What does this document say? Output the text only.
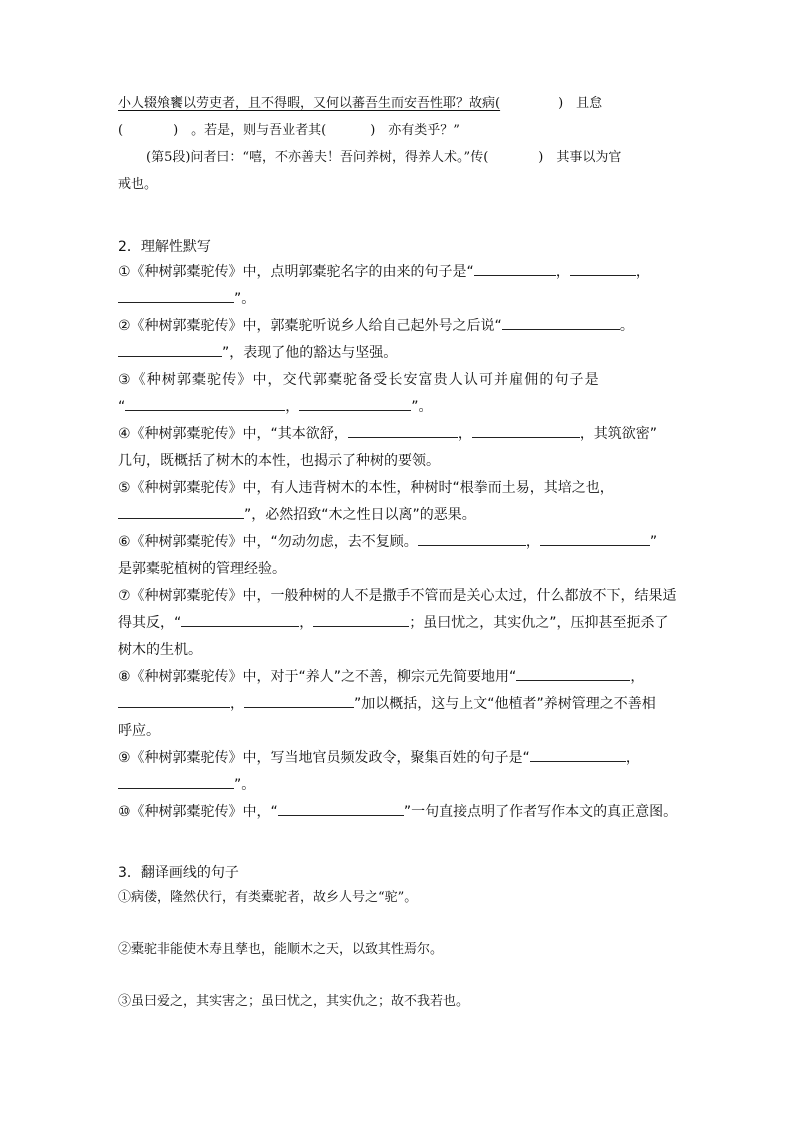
小人辍飧饔以劳吏者，且不得暇，又何以蕃吾生而安吾性耶？故病(	)　且怠

(	)　。若是，则与吾业者其(	)　亦有类乎？”

(第5段)问者曰：“嘻，不亦善夫！吾问养树，得养人术。”传(	)　其事以为官

戒也。

2．理解性默写

①《种树郭橐驼传》中，点明郭橐驼名字的由来的句子是“	，	，

”。

②《种树郭橐驼传》中，郭橐驼听说乡人给自己起外号之后说“	。

”，表现了他的豁达与坚强。

③《种树郭橐驼传》中，交代郭橐驼备受长安富贵人认可并雇佣的句子是

“	，	”。

④《种树郭橐驼传》中，“其本欲舒，	，	，其筑欲密”

几句，既概括了树木的本性，也揭示了种树的要领。

⑤《种树郭橐驼传》中，有人违背树木的本性，种树时“根拳而土易，其培之也，

”，必然招致“木之性日以离”的恶果。

⑥《种树郭橐驼传》中，“勿动勿虑，去不复顾。	，	”

是郭橐驼植树的管理经验。

⑦《种树郭橐驼传》中，一般种树的人不是撒手不管而是关心太过，什么都放不下，结果适

得其反，“	，	；虽曰忧之，其实仇之”，压抑甚至扼杀了

树木的生机。

⑧《种树郭橐驼传》中，对于“养人”之不善，柳宗元先简要地用“	，

，	”加以概括，这与上文“他植者”养树管理之不善相

呼应。

⑨《种树郭橐驼传》中，写当地官员频发政令，聚集百姓的句子是“	，

”。

⑩《种树郭橐驼传》中，“	”一句直接点明了作者写作本文的真正意图。

3．翻译画线的句子

①病偻，隆然伏行，有类橐驼者，故乡人号之“驼”。

②橐驼非能使木寿且孳也，能顺木之天，以致其性焉尔。

③虽曰爱之，其实害之；虽曰忧之，其实仇之；故不我若也。
